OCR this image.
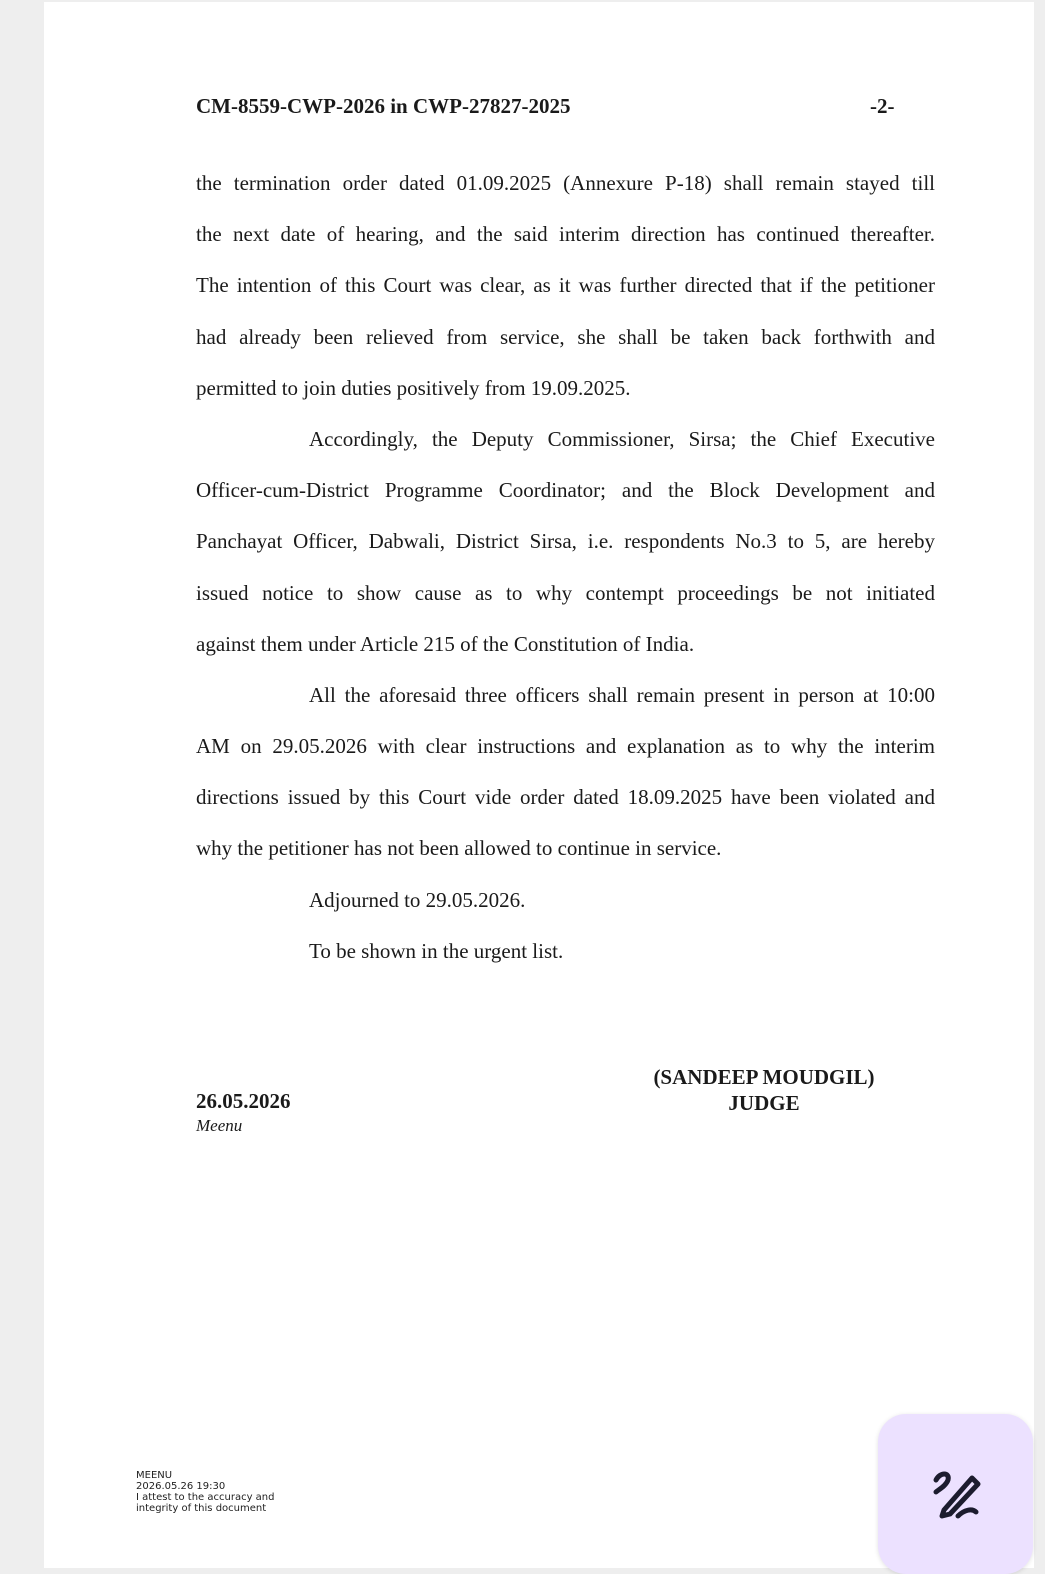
CM-8559-CWP-2026 in CWP-27827-2025	-2-
the termination order dated 01.09.2025 (Annexure P-18) shall remain stayed till
the next date of hearing, and the said interim direction has continued thereafter.
The intention of this Court was clear, as it was further directed that if the petitioner
had already been relieved from service, she shall be taken back forthwith and
permitted to join duties positively from 19.09.2025.
Accordingly, the Deputy Commissioner, Sirsa; the Chief Executive
Officer-cum-District Programme Coordinator; and the Block Development and
Panchayat Officer, Dabwali, District Sirsa, i.e. respondents No.3 to 5, are hereby
issued notice to show cause as to why contempt proceedings be not initiated
against them under Article 215 of the Constitution of India.
All the aforesaid three officers shall remain present in person at 10:00
AM on 29.05.2026 with clear instructions and explanation as to why the interim
directions issued by this Court vide order dated 18.09.2025 have been violated and
why the petitioner has not been allowed to continue in service.
Adjourned to 29.05.2026.
To be shown in the urgent list.
26.05.2026
Meenu
(SANDEEP MOUDGIL)
JUDGE
MEENU
2026.05.26 19:30
I attest to the accuracy and
integrity of this document
